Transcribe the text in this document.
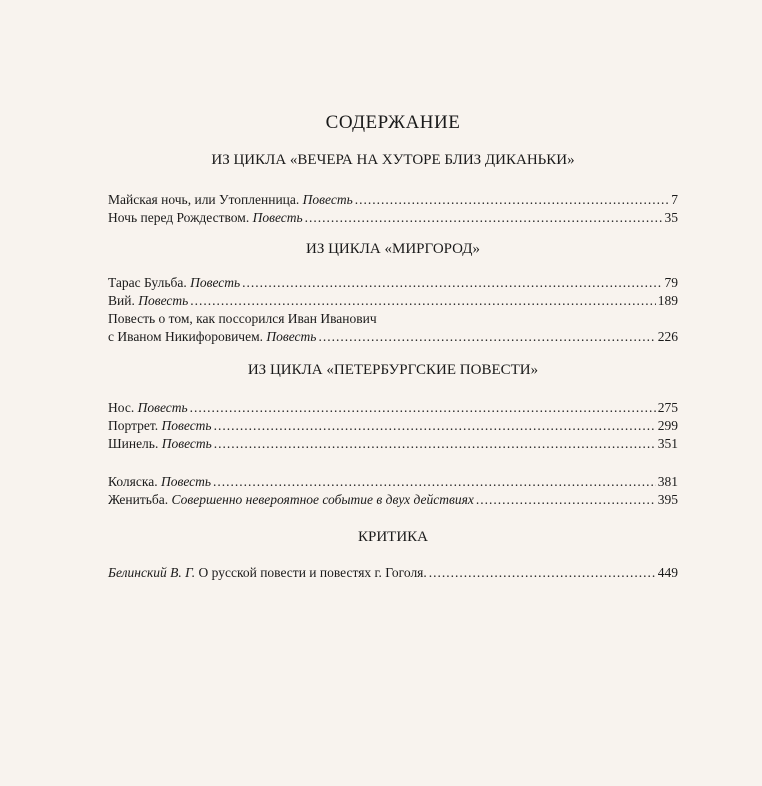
СОДЕРЖАНИЕ
ИЗ ЦИКЛА «ВЕЧЕРА НА ХУТОРЕ БЛИЗ ДИКАНЬКИ»
Майская ночь, или Утопленница. Повесть .....	7
Ночь перед Рождеством. Повесть .....	35
ИЗ ЦИКЛА «МИРГОРОД»
Тарас Бульба. Повесть .....	79
Вий. Повесть .....	189
Повесть о том, как поссорился Иван Иванович
с Иваном Никифоровичем. Повесть .....	226
ИЗ ЦИКЛА «ПЕТЕРБУРГСКИЕ ПОВЕСТИ»
Нос. Повесть .....	275
Портрет. Повесть .....	299
Шинель. Повесть .....	351
Коляска. Повесть .....	381
Женитьба. Совершенно невероятное событие в двух действиях .....	395
КРИТИКА
Белинский В. Г. О русской повести и повестях г. Гоголя. .....	449
